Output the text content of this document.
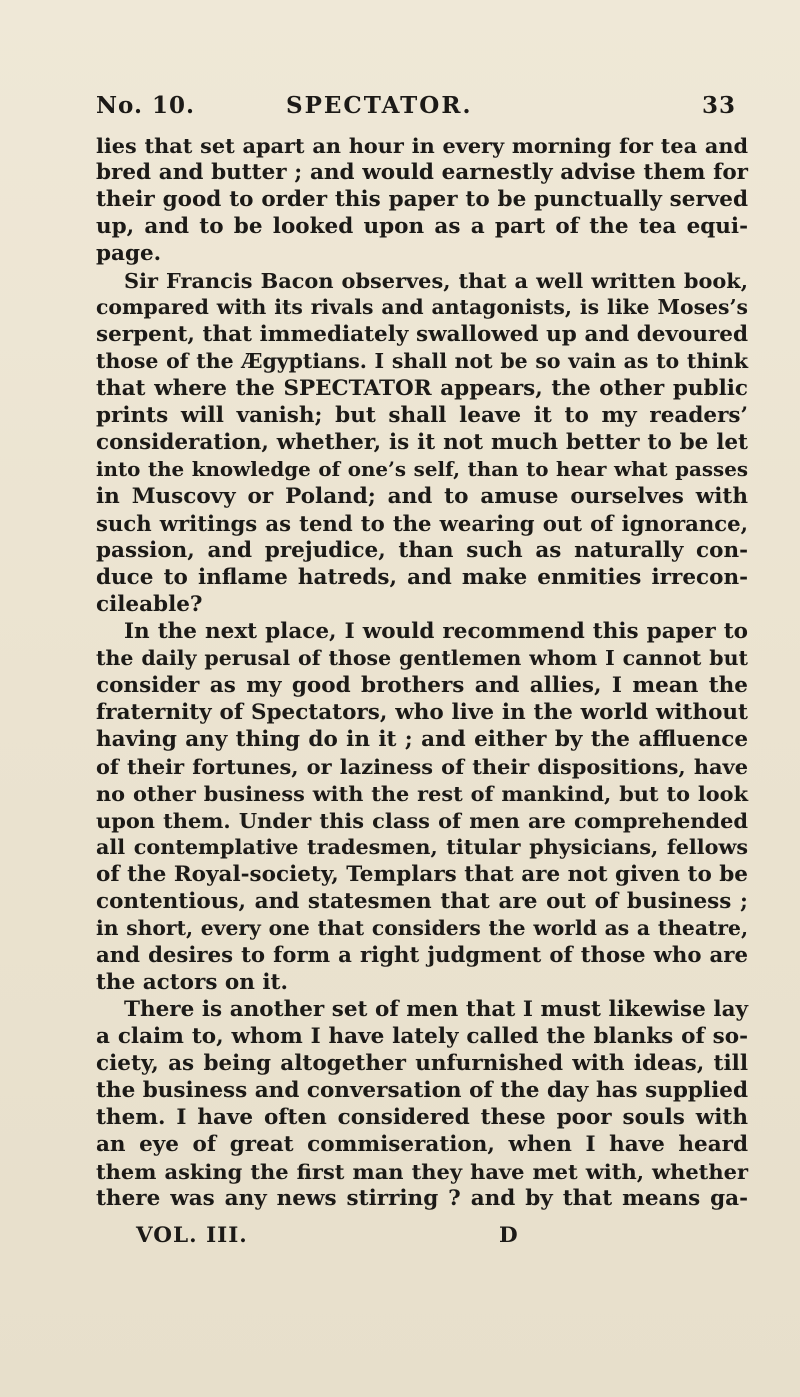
No. 10.	SPECTATOR.	33
lies that set apart an hour in every morning for tea and
bred and butter ; and would earnestly advise them for
their good to order this paper to be punctually served
up, and to be looked upon as a part of the tea equi-
page.
Sir Francis Bacon observes, that a well written book,
compared with its rivals and antagonists, is like Moses’s
serpent, that immediately swallowed up and devoured
those of the Ægyptians. I shall not be so vain as to think
that where the SPECTATOR appears, the other public
prints will vanish; but shall leave it to my readers’
consideration, whether, is it not much better to be let
into the knowledge of one’s self, than to hear what passes
in Muscovy or Poland; and to amuse ourselves with
such writings as tend to the wearing out of ignorance,
passion, and prejudice, than such as naturally con-
duce to inflame hatreds, and make enmities irrecon-
cileable?
In the next place, I would recommend this paper to
the daily perusal of those gentlemen whom I cannot but
consider as my good brothers and allies, I mean the
fraternity of Spectators, who live in the world without
having any thing do in it ; and either by the affluence
of their fortunes, or laziness of their dispositions, have
no other business with the rest of mankind, but to look
upon them. Under this class of men are comprehended
all contemplative tradesmen, titular physicians, fellows
of the Royal-society, Templars that are not given to be
contentious, and statesmen that are out of business ;
in short, every one that considers the world as a theatre,
and desires to form a right judgment of those who are
the actors on it.
There is another set of men that I must likewise lay
a claim to, whom I have lately called the blanks of so-
ciety, as being altogether unfurnished with ideas, till
the business and conversation of the day has supplied
them. I have often considered these poor souls with
an eye of great commiseration, when I have heard
them asking the first man they have met with, whether
there was any news stirring ? and by that means ga-
VOL. III.	D
